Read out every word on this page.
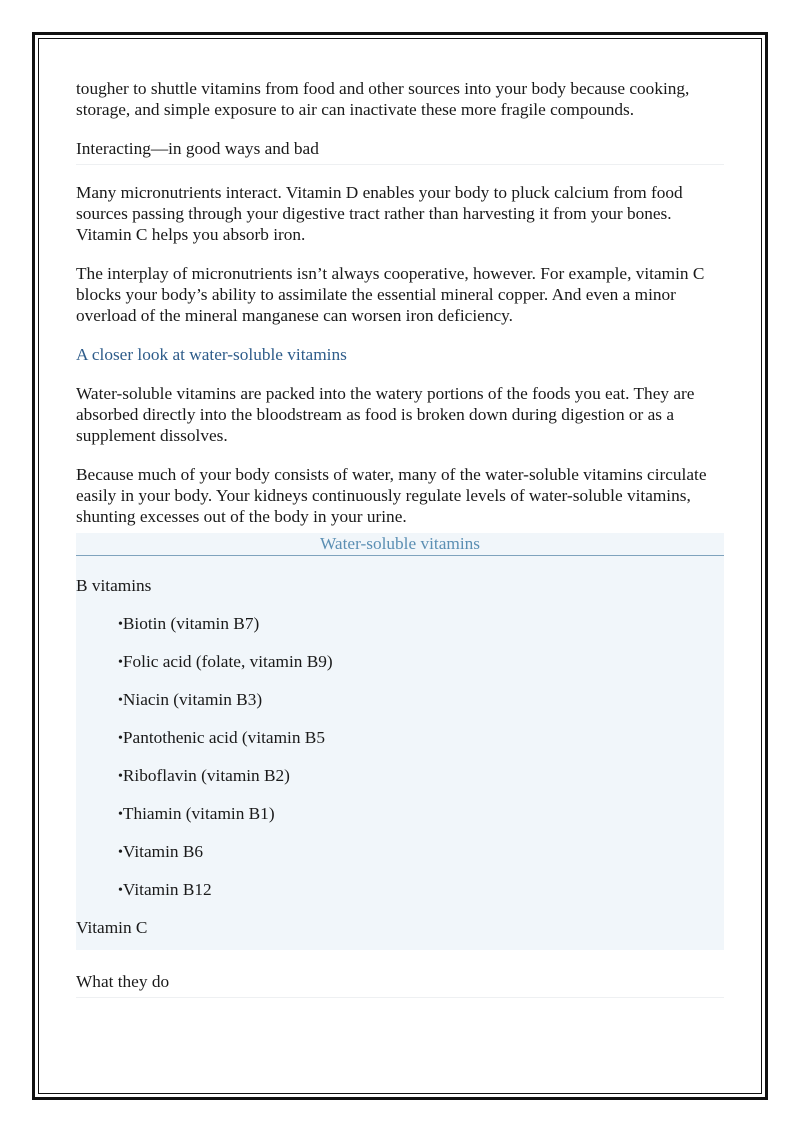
tougher to shuttle vitamins from food and other sources into your body because cooking, storage, and simple exposure to air can inactivate these more fragile compounds.

Interacting—in good ways and bad

Many micronutrients interact. Vitamin D enables your body to pluck calcium from food sources passing through your digestive tract rather than harvesting it from your bones. Vitamin C helps you absorb iron.

The interplay of micronutrients isn’t always cooperative, however. For example, vitamin C blocks your body’s ability to assimilate the essential mineral copper. And even a minor overload of the mineral manganese can worsen iron deficiency.

A closer look at water-soluble vitamins

Water-soluble vitamins are packed into the watery portions of the foods you eat. They are absorbed directly into the bloodstream as food is broken down during digestion or as a supplement dissolves.

Because much of your body consists of water, many of the water-soluble vitamins circulate easily in your body. Your kidneys continuously regulate levels of water-soluble vitamins, shunting excesses out of the body in your urine.

Water-soluble vitamins

B vitamins

•Biotin (vitamin B7)
•Folic acid (folate, vitamin B9)
•Niacin (vitamin B3)
•Pantothenic acid (vitamin B5
•Riboflavin (vitamin B2)
•Thiamin (vitamin B1)
•Vitamin B6
•Vitamin B12

Vitamin C

What they do
